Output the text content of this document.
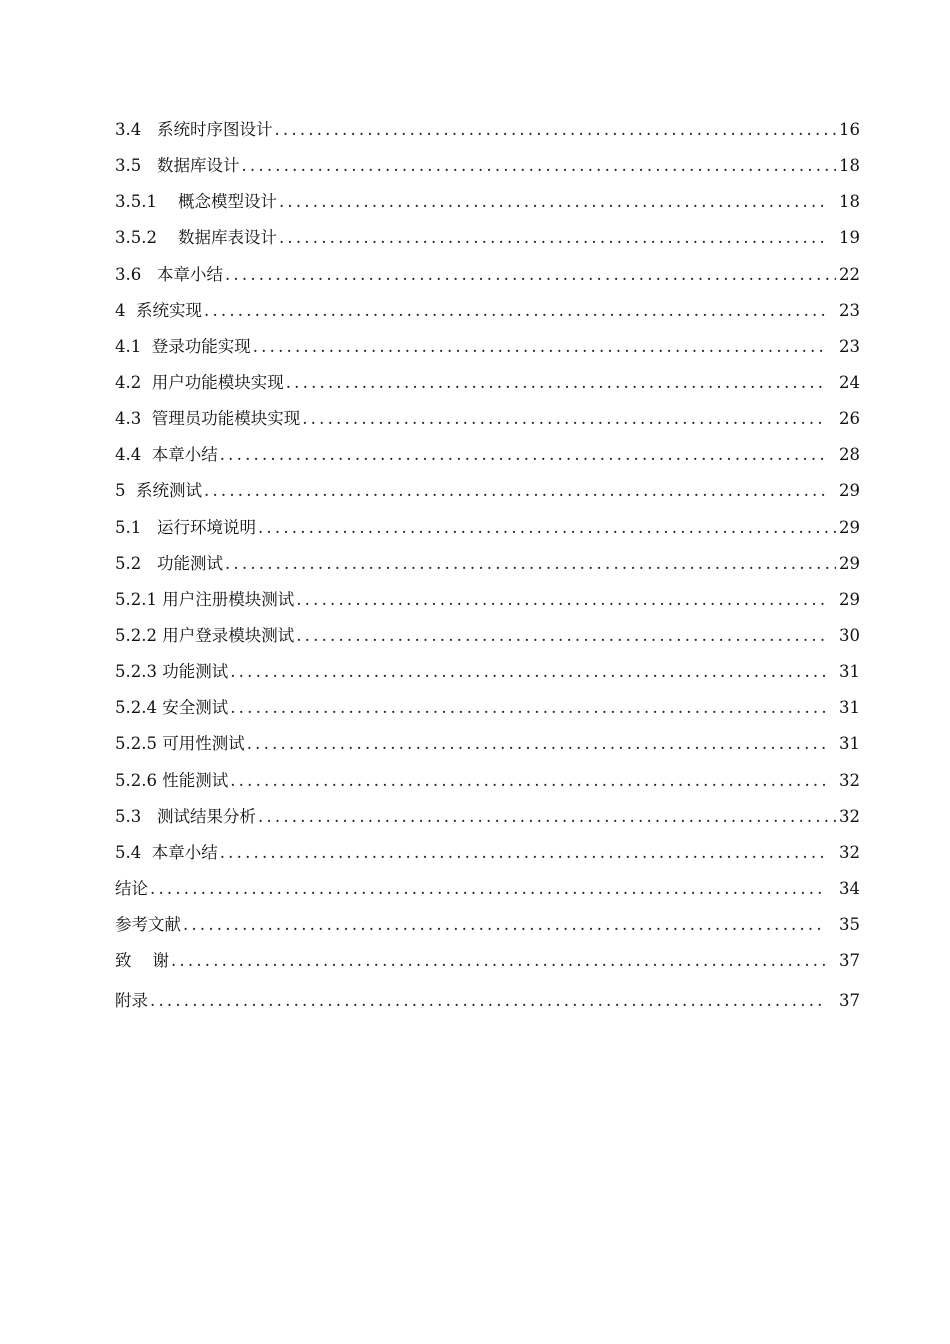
3.4   系统时序图设计 .....	16
3.5   数据库设计 .....	18
3.5.1    概念模型设计 .....	18
3.5.2    数据库表设计 .....	19
3.6   本章小结 .....	22
4  系统实现 .....	23
4.1  登录功能实现 .....	23
4.2  用户功能模块实现 .....	24
4.3  管理员功能模块实现 .....	26
4.4  本章小结 .....	28
5  系统测试 .....	29
5.1   运行环境说明 .....	29
5.2   功能测试 .....	29
5.2.1 用户注册模块测试 .....	29
5.2.2 用户登录模块测试 .....	30
5.2.3 功能测试 .....	31
5.2.4 安全测试 .....	31
5.2.5 可用性测试 .....	31
5.2.6 性能测试 .....	32
5.3   测试结果分析 .....	32
5.4  本章小结 .....	32
结论 .....	34
参考文献 .....	35
致    谢 .....	37
附录 .....	37
